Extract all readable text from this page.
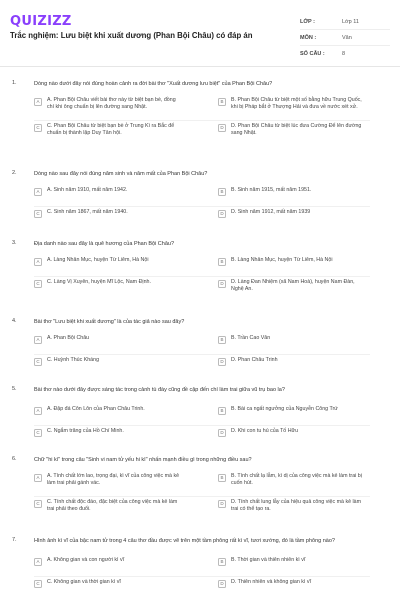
QUIZIZZ
Trắc nghiệm: Lưu biệt khi xuất dương (Phan Bội Châu) có đáp án
LỚP :	Lớp 11
MÔN :	Văn
SỐ CÂU :	8
1.	Dòng nào dưới đây nói đúng hoàn cảnh ra đời bài thơ "Xuất dương lưu biệt" của Phan Bội Châu?
A	A. Phan Bội Châu viết bài thơ này từ biệt bạn bè, đồng chí khi ông chuẩn bị lên đường sang Nhật.
B	B. Phan Bội Châu từ biệt một số bằng hữu Trung Quốc, khi bị Pháp bắt ở Thượng Hải và đưa về nước xét xử.
C	C. Phan Bội Châu từ biệt bạn bè ở Trung Kì ra Bắc để chuẩn bị thành lập Duy Tân hội.
D	D. Phan Bội Châu từ biệt lúc đưa Cường Để lên đường sang Nhật.
2.	Dòng nào sau đây nói đúng năm sinh và năm mất của Phan Bội Châu?
A	A. Sinh năm 1910, mất năm 1942.	B	B. Sinh năm 1915, mất năm 1951.
C	C. Sinh năm 1867, mất năm 1940.	D	D. Sinh năm 1912, mất năm 1939
3.	Địa danh nào sau đây là quê hương của Phan Bội Châu?
A	A. Làng Nhân Mục, huyện Từ Liêm, Hà Nội	B	B. Làng Nhân Mục, huyện Từ Liêm, Hà Nội
C	C. Làng Vị Xuyên, huyện Mĩ Lộc, Nam Định.	D	D. Làng Đan Nhiệm (xã Nam Hoà), huyện Nam Đàn, Nghệ An.
4.	Bài thơ "Lưu biệt khi xuất dương" là của tác giả nào sau đây?
A	A. Phan Bội Châu	B	B. Trần Cao Vân
C	C. Huỳnh Thúc Kháng	D	D. Phan Châu Trinh
5.	Bài thơ nào dưới đây được sáng tác trong cảnh tù đày cũng đề cập đến chí làm trai giữa vũ trụ bao la?
A	A. Đập đá Côn Lôn của Phan Châu Trinh.	B	B. Bài ca ngất ngưởng của Nguyễn Công Trứ
C	C. Ngắm trăng của Hồ Chí Minh.	D	D. Khi con tu hú của Tố Hữu
6.	Chữ "hi kì" trong câu "Sinh vi nam tử yếu hi kì" nhấn mạnh điều gì trong những điều sau?
A	A. Tính chất lớn lao, trọng đại, kì vĩ của công việc mà kẻ làm trai phải gánh vác.
B	B. Tính chất lạ lẫm, kì dị của công việc mà kẻ làm trai bị cuốn hút.
C	C. Tính chất độc đáo, đặc biệt của công việc mà kẻ làm trai phải theo đuổi.
D	D. Tính chất lung lẫy của hiệu quả công việc mà kẻ làm trai có thể tạo ra.
7.	Hình ảnh kì vĩ của bậc nam tử trong 4 câu thơ đầu được vẽ trên một tầm phông rất kì vĩ, tươi xướng, đó là tầm phông nào?
A	A. Không gian và con người kì vĩ	B	B. Thời gian và thiên nhiên kì vĩ
C	C. Không gian và thời gian kì vĩ	D	D. Thiên nhiên và không gian kì vĩ
